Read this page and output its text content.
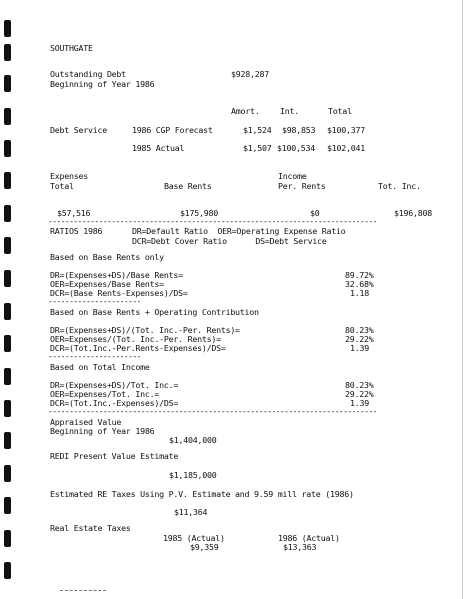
SOUTHGATE
Outstanding Debt	$928,287
Beginning of Year 1986
Amort. Int.	Total
Debt Service	1986 CGP Forecast	$1,524 $98,853 $100,377
1985 Actual	$1,507 $100,534 $102,041
Expenses	Income
Total	Base Rents	Per. Rents	Tot. Inc.
$57,516	$175,980	$0	$196,808
------------------------------------------------------------------------------
RATIOS 1986	DR=Default Ratio  OER=Operating Expense Ratio
DCR=Debt Cover Ratio      DS=Debt Service
Based on Base Rents only
DR=(Expenses+DS)/Base Rents=	89.72%
OER=Expenses/Base Rents=	32.68%
DCR=(Base Rents-Expenses)/DS=	1.18
----------------------
Based on Base Rents + Operating Contribution
DR=(Expenses+DS)/(Tot. Inc.-Per. Rents)=	80.23%
OER=Expenses/(Tot. Inc.-Per. Rents)=	29.22%
DCR=(Tot.Inc.-Per.Rents-Expenses)/DS=	1.39
----------------------
Based on Total Income
DR=(Expenses+DS)/Tot. Inc.=	80.23%
OER=Expenses/Tot. Inc.=	29.22%
DCR=(Tot.Inc.-Expenses)/DS=	1.39
------------------------------------------------------------------------------
Appraised Value
Beginning of Year 1986
$1,404,000
REDI Present Value Estimate
$1,185,000
Estimated RE Taxes Using P.V. Estimate and 9.59 mill rate (1986)
$11,364
Real Estate Taxes
1985 (Actual)	1986 (Actual)
$9,359	$13,363
